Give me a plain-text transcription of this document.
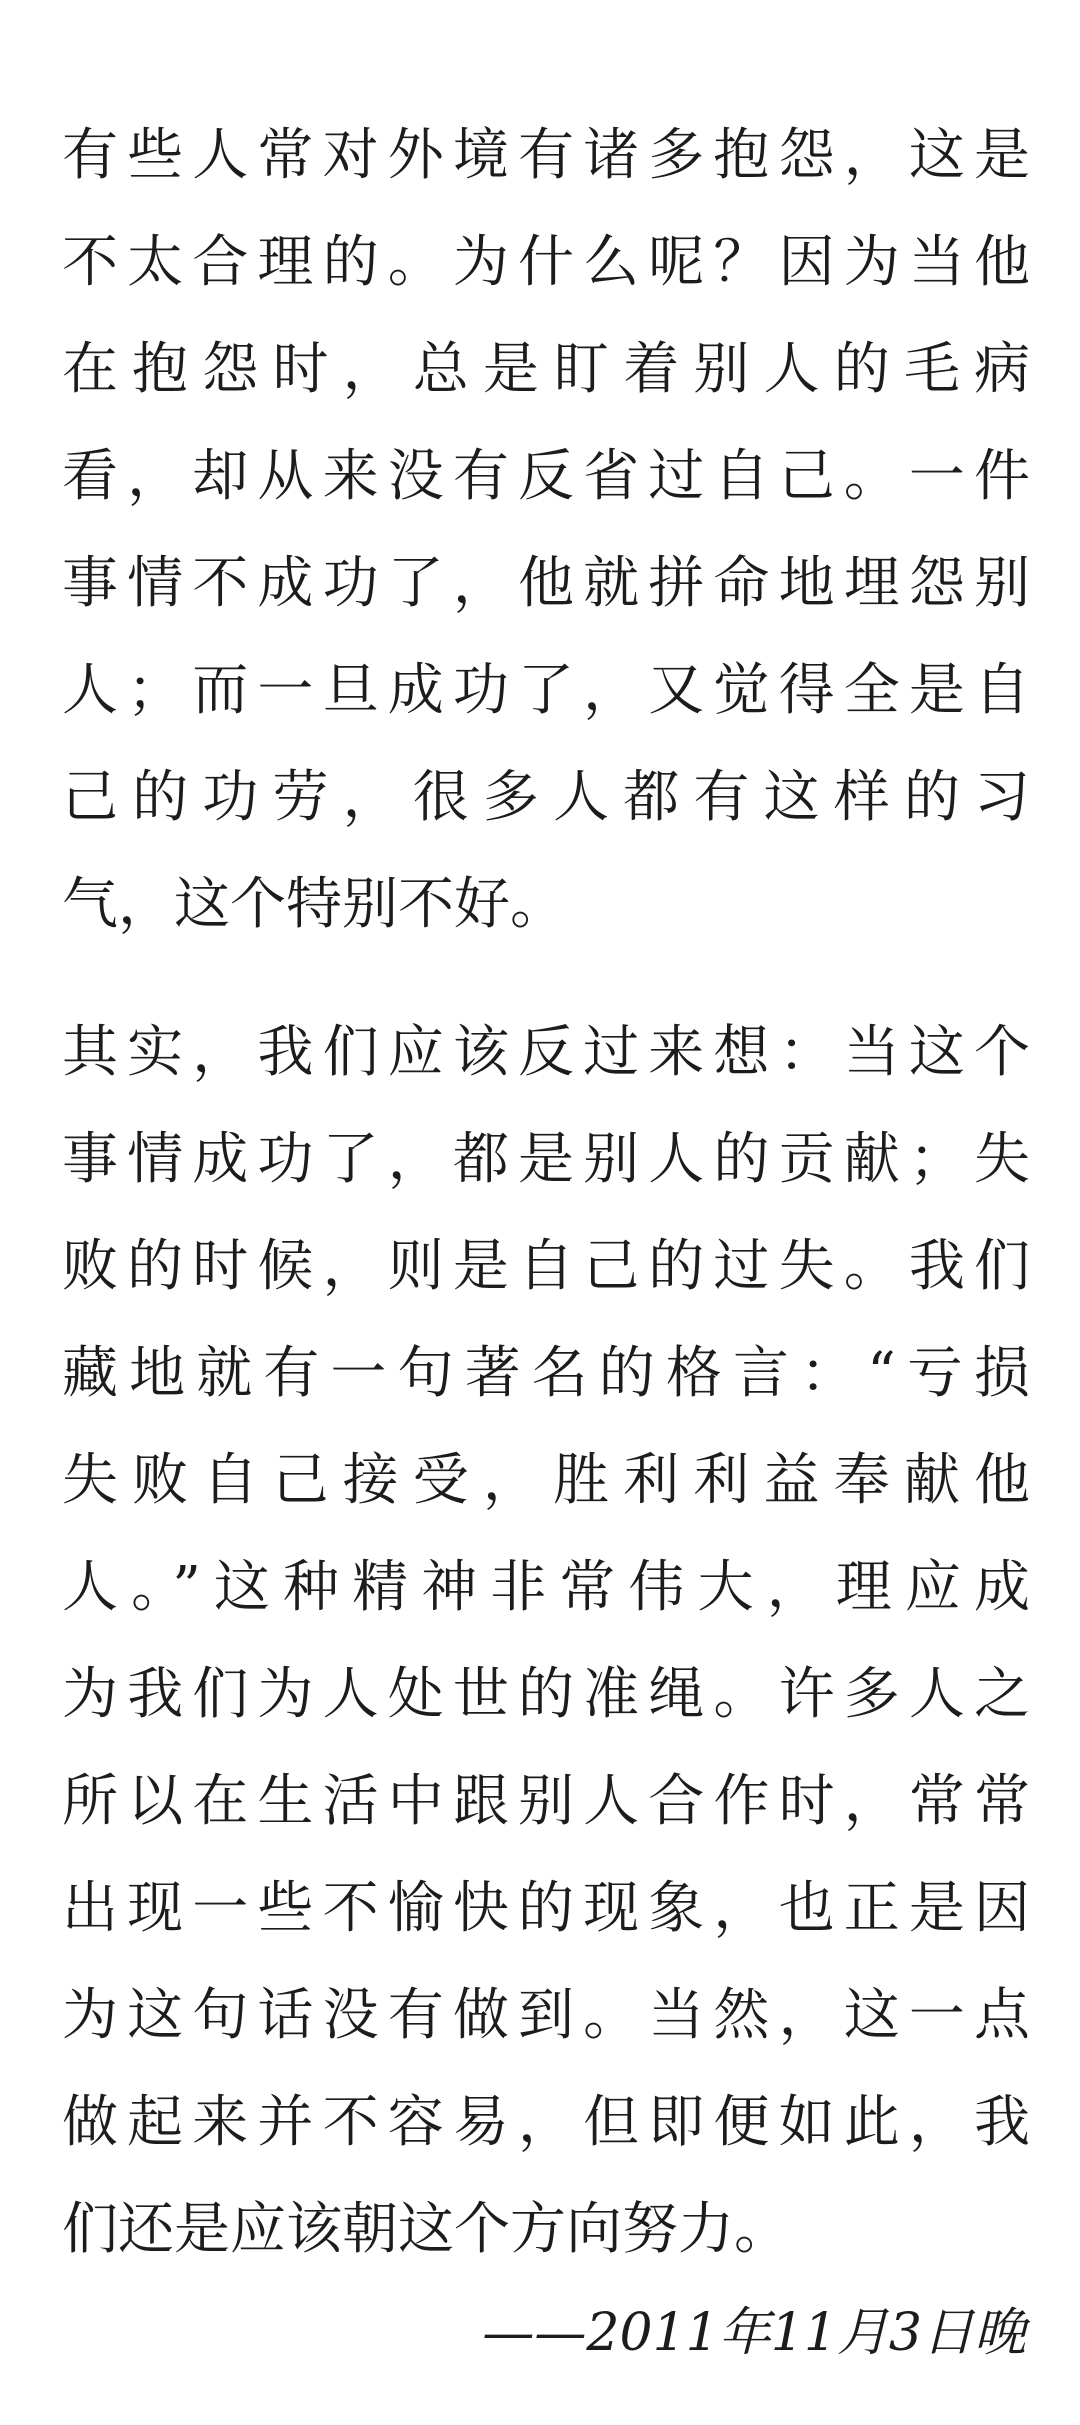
有些人常对外境有诸多抱怨，这是
不太合理的。为什么呢？因为当他
在抱怨时，总是盯着别人的毛病
看，却从来没有反省过自己。一件
事情不成功了，他就拼命地埋怨别
人；而一旦成功了，又觉得全是自
己的功劳，很多人都有这样的习
气，这个特别不好。

其实，我们应该反过来想：当这个
事情成功了，都是别人的贡献；失
败的时候，则是自己的过失。我们
藏地就有一句著名的格言：“亏损
失败自己接受，胜利利益奉献他
人。”这种精神非常伟大，理应成
为我们为人处世的准绳。许多人之
所以在生活中跟别人合作时，常常
出现一些不愉快的现象，也正是因
为这句话没有做到。当然，这一点
做起来并不容易，但即便如此，我
们还是应该朝这个方向努力。

——2011年11月3日晚
